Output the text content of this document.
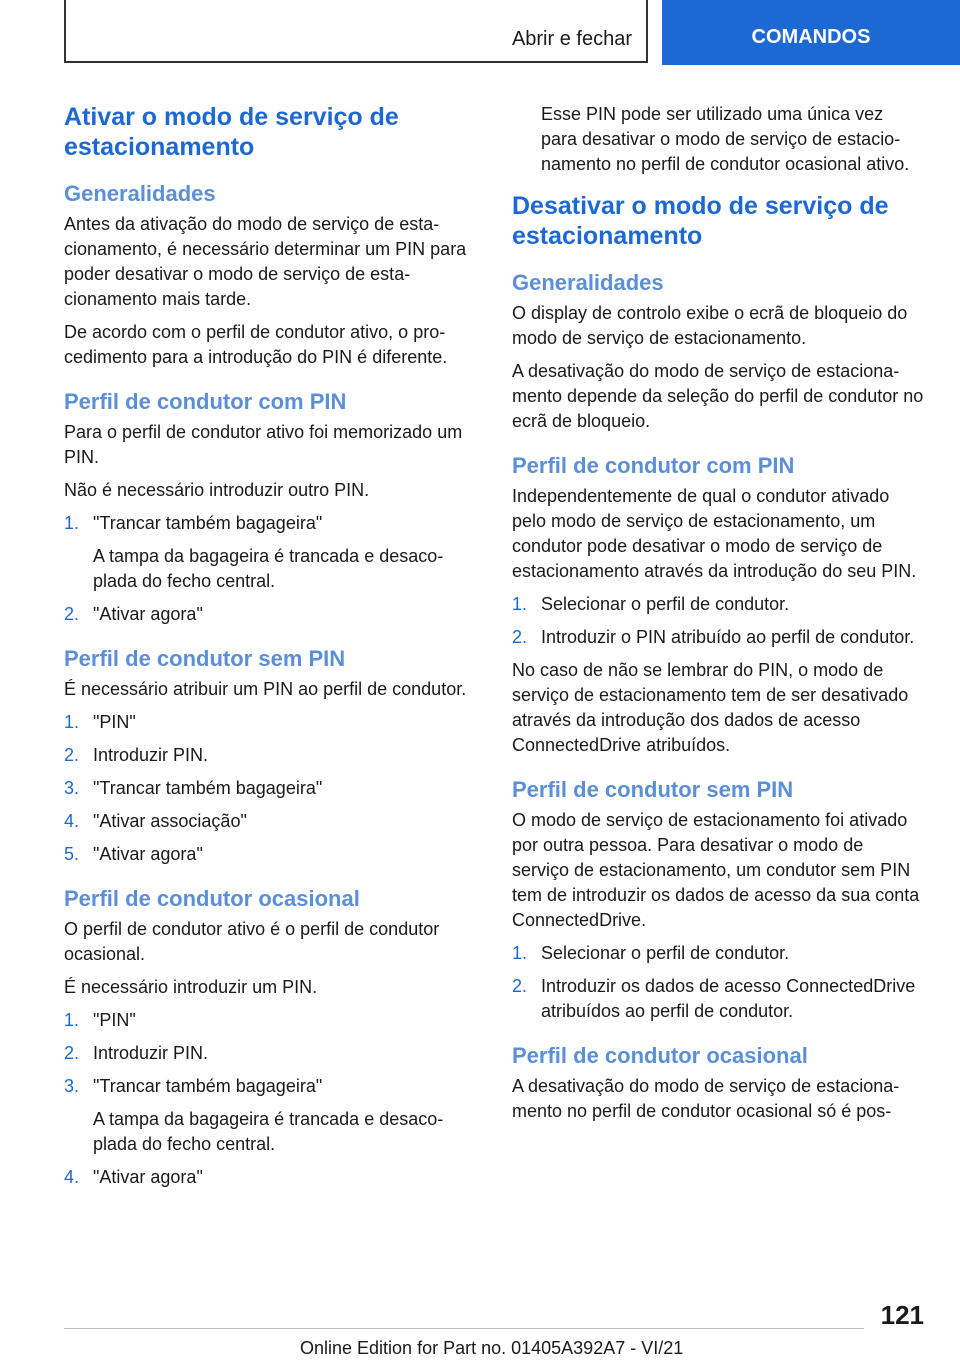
Abrir e fechar	COMANDOS
Ativar o modo de serviço de estacionamento
Generalidades
Antes da ativação do modo de serviço de estacionamento, é necessário determinar um PIN para poder desativar o modo de serviço de estacionamento mais tarde.
De acordo com o perfil de condutor ativo, o procedimento para a introdução do PIN é diferente.
Perfil de condutor com PIN
Para o perfil de condutor ativo foi memorizado um PIN.
Não é necessário introduzir outro PIN.
1. "Trancar também bagageira"
A tampa da bagageira é trancada e desacoplada do fecho central.
2. "Ativar agora"
Perfil de condutor sem PIN
É necessário atribuir um PIN ao perfil de condutor.
1. "PIN"
2. Introduzir PIN.
3. "Trancar também bagageira"
4. "Ativar associação"
5. "Ativar agora"
Perfil de condutor ocasional
O perfil de condutor ativo é o perfil de condutor ocasional.
É necessário introduzir um PIN.
1. "PIN"
2. Introduzir PIN.
3. "Trancar também bagageira"
A tampa da bagageira é trancada e desacoplada do fecho central.
4. "Ativar agora"
Esse PIN pode ser utilizado uma única vez para desativar o modo de serviço de estacionamento no perfil de condutor ocasional ativo.
Desativar o modo de serviço de estacionamento
Generalidades
O display de controlo exibe o ecrã de bloqueio do modo de serviço de estacionamento.
A desativação do modo de serviço de estacionamento depende da seleção do perfil de condutor no ecrã de bloqueio.
Perfil de condutor com PIN
Independentemente de qual o condutor ativado pelo modo de serviço de estacionamento, um condutor pode desativar o modo de serviço de estacionamento através da introdução do seu PIN.
1. Selecionar o perfil de condutor.
2. Introduzir o PIN atribuído ao perfil de condutor.
No caso de não se lembrar do PIN, o modo de serviço de estacionamento tem de ser desativado através da introdução dos dados de acesso ConnectedDrive atribuídos.
Perfil de condutor sem PIN
O modo de serviço de estacionamento foi ativado por outra pessoa. Para desativar o modo de serviço de estacionamento, um condutor sem PIN tem de introduzir os dados de acesso da sua conta ConnectedDrive.
1. Selecionar o perfil de condutor.
2. Introduzir os dados de acesso ConnectedDrive atribuídos ao perfil de condutor.
Perfil de condutor ocasional
A desativação do modo de serviço de estacionamento no perfil de condutor ocasional só é pos-
121
Online Edition for Part no. 01405A392A7 - VI/21
